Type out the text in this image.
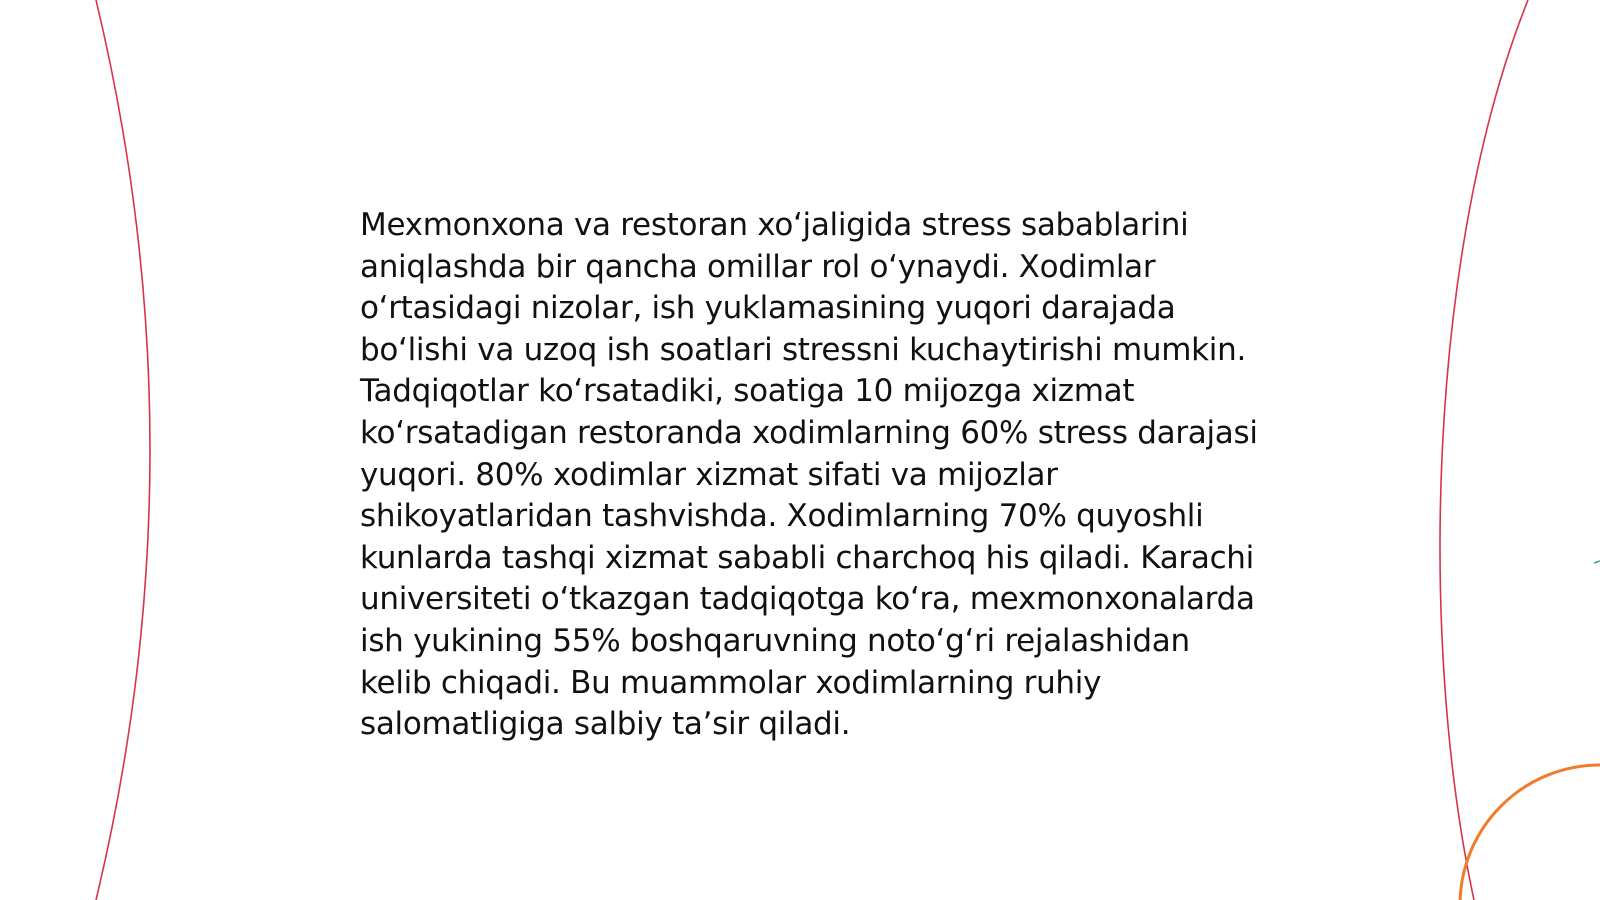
Mexmonxona va restoran xo‘jaligida stress sabablarini aniqlashda bir qancha omillar rol o‘ynaydi. Xodimlar o‘rtasidagi nizolar, ish yuklamasining yuqori darajada bo‘lishi va uzoq ish soatlari stressni kuchaytirishi mumkin. Tadqiqotlar ko‘rsatadiki, soatiga 10 mijozga xizmat ko‘rsatadigan restoranda xodimlarning 60% stress darajasi yuqori. 80% xodimlar xizmat sifati va mijozlar shikoyatlaridan tashvishda. Xodimlarning 70% quyoshli kunlarda tashqi xizmat sababli charchoq his qiladi. Karachi universiteti o‘tkazgan tadqiqotga ko‘ra, mexmonxonalarda ish yukining 55% boshqaruvning noto‘g‘ri rejalashidan kelib chiqadi. Bu muammolar xodimlarning ruhiy salomatligiga salbiy ta’sir qiladi.
